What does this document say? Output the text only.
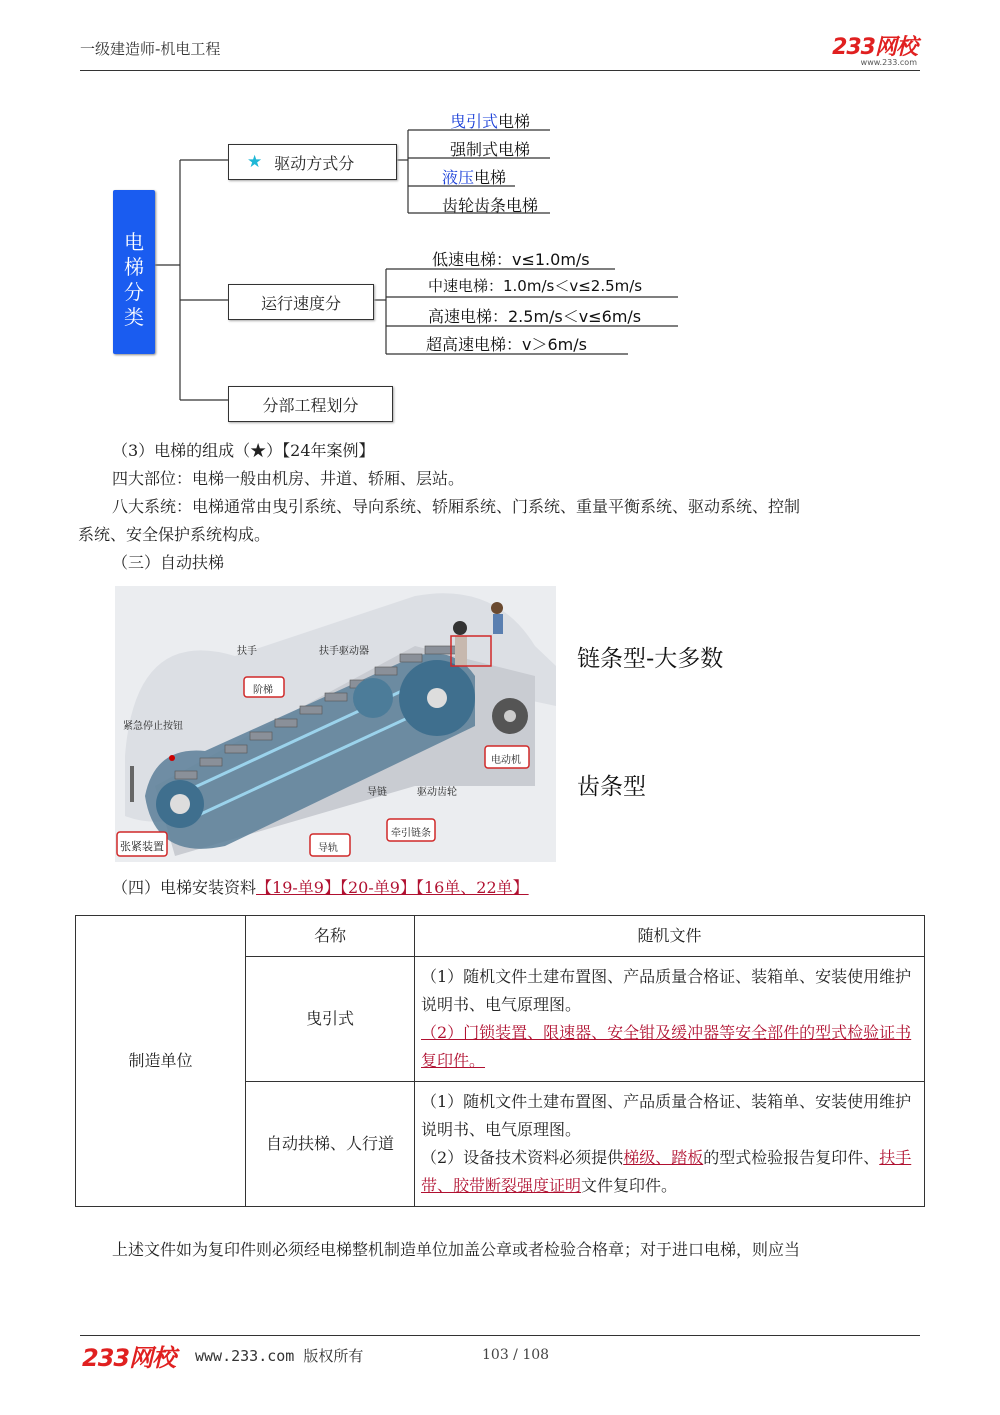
一级建造师-机电工程	233网校
www.233.com
电梯分类
★ 驱动方式分
运行速度分
分部工程划分
曳引式电梯
强制式电梯
液压电梯
齿轮齿条电梯
低速电梯：v≤1.0m/s
中速电梯：1.0m/s＜v≤2.5m/s
高速电梯：2.5m/s＜v≤6m/s
超高速电梯：v＞6m/s
（3）电梯的组成（★）【24年案例】
四大部位：电梯一般由机房、井道、轿厢、层站。
八大系统：电梯通常由曳引系统、导向系统、轿厢系统、门系统、重量平衡系统、驱动系统、控制
系统、安全保护系统构成。
（三）自动扶梯
扶手	扶手驱动器
阶梯
紧急停止按钮
电动机
导链	驱动齿轮
牵引链条
导轨
张紧装置
链条型-大多数
齿条型
（四）电梯安装资料【19-单9】【20-单9】【16单、22单】
制造单位	名称	随机文件
	曳引式	（1）随机文件土建布置图、产品质量合格证、装箱单、安装使用维护说明书、电气原理图。
（2）门锁装置、限速器、安全钳及缓冲器等安全部件的型式检验证书复印件。

	自动扶梯、人行道	（1）随机文件土建布置图、产品质量合格证、装箱单、安装使用维护说明书、电气原理图。
（2）设备技术资料必须提供梯级、踏板的型式检验报告复印件、扶手带、胶带断裂强度证明文件复印件。
上述文件如为复印件则必须经电梯整机制造单位加盖公章或者检验合格章；对于进口电梯，则应当
233网校 www.233.com 版权所有	103 / 108
